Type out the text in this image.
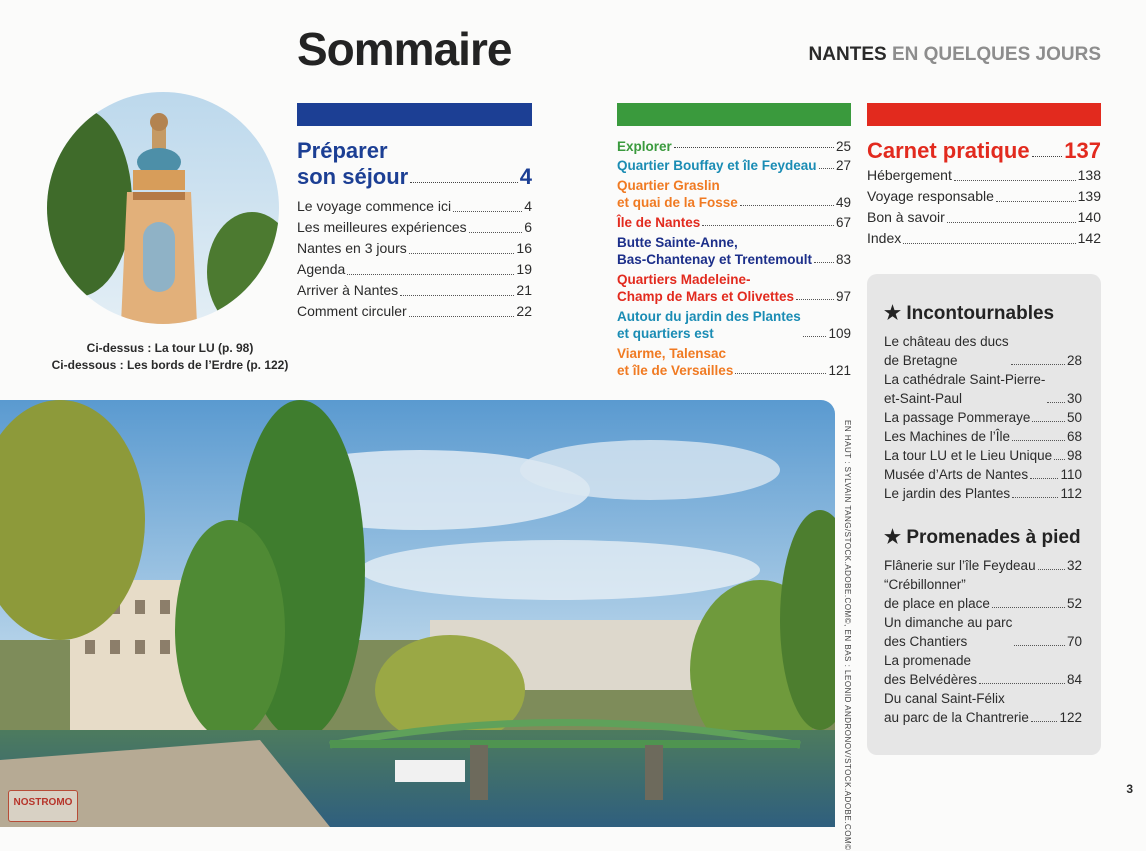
Sommaire	NANTES EN QUELQUES JOURS
Préparer
son séjour	4
Le voyage commence ici	4
Les meilleures expériences	6
Nantes en 3 jours	16
Agenda	19
Arriver à Nantes	21
Comment circuler	22
Explorer	25
Quartier Bouffay et île Feydeau 27
Quartier Graslin
et quai de la Fosse	49
Île de Nantes	67
Butte Sainte-Anne,
Bas-Chantenay et Trentemoult 83
Quartiers Madeleine-
Champ de Mars et Olivettes	97
Autour du jardin des Plantes
et quartiers est	109
Viarme, Talensac
et île de Versailles	121
Carnet pratique 137
Hébergement	138
Voyage responsable	139
Bon à savoir	140
Index	142
★ Incontournables
Le château des ducs
de Bretagne	28
La cathédrale Saint-Pierre-
et-Saint-Paul	30
La passage Pommeraye	50
Les Machines de l’Île	68
La tour LU et le Lieu Unique 98
Musée d’Arts de Nantes 110
Le jardin des Plantes	112
★ Promenades à pied
Flânerie sur l’île Feydeau 32
“Crébillonner”
de place en place	52
Un dimanche au parc
des Chantiers	70
La promenade
des Belvédères	84
Du canal Saint-Félix
au parc de la Chantrerie 122
Ci-dessus : La tour LU (p. 98)
Ci-dessous : Les bords de l’Erdre (p. 122)
EN HAUT : SYLVAIN TANG/STOCK.ADOBE.COM©, EN BAS : LEONID ANDRONOV/STOCK.ADOBE.COM©
NOSTROMO
3
